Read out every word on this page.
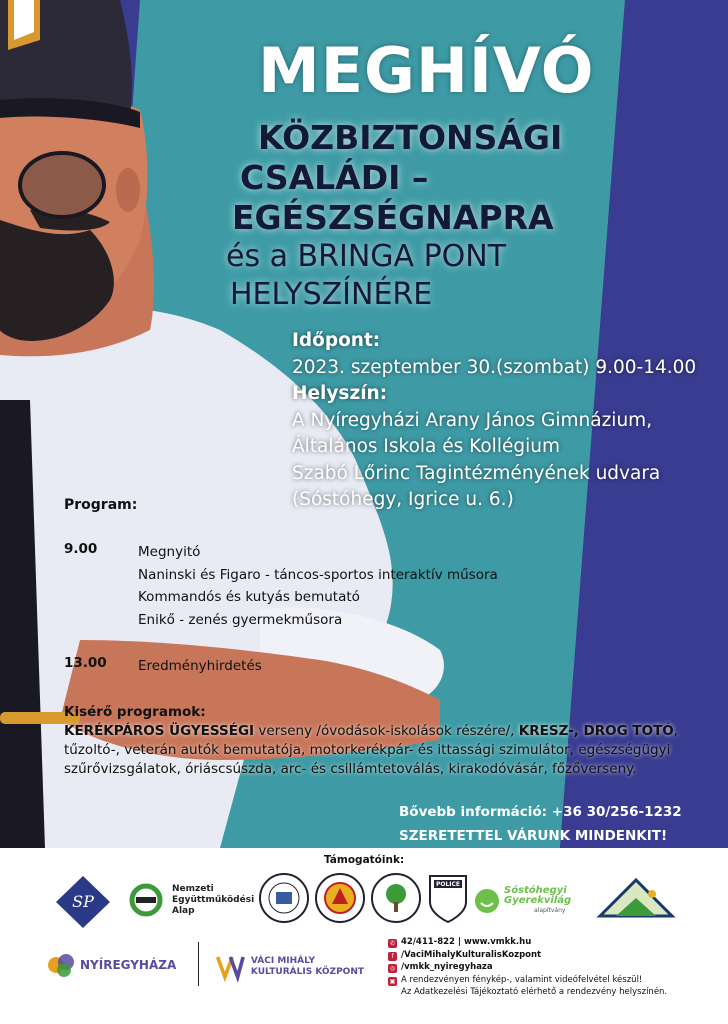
MEGHÍVÓ
KÖZBIZTONSÁGI
CSALÁDI –
EGÉSZSÉGNAPRA
és a BRINGA PONT
HELYSZÍNÉRE
Időpont:
2023. szeptember 30.(szombat) 9.00-14.00
Helyszín:
A Nyíregyházi Arany János Gimnázium,
Általános Iskola és Kollégium
Szabó Lőrinc Tagintézményének udvara
(Sóstóhegy, Igrice u. 6.)
Program:
9.00	Megnyitó
Naninski és Figaro - táncos-sportos interaktív műsora
Kommandós és kutyás bemutató
Enikő - zenés gyermekműsora
13.00 Eredményhirdetés
Kisérő programok:
KERÉKPÁROS ÜGYESSÉGI verseny /óvodások-iskolások részére/, KRESZ-, DROG TOTÓ, tűzoltó-, veterán autók bemutatója, motorkerékpár- és ittassági szimulátor, egészségügyi szűrővizsgálatok, óriáscsúszda, arc- és csillámtetoválás, kirakodóvásár, főzőverseny.
Bővebb információ: +36 30/256-1232
SZERETETTEL VÁRUNK MINDENKIT!
Támogatóink:
SP
Nemzeti
Együttműködési
Alap
POLICE
Sóstóhegyi
Gyerekvilág
alapítvány
NYÍREGYHÁZA	VÁCI MIHÁLY
KULTURÁLIS KÖZPONT
✆ 42/411-822 | www.vmkk.hu
f /VaciMihalyKulturalisKozpont
◎ /vmkk_nyiregyhaza
▣ A rendezvényen fénykép-, valamint videófelvétel készül!
Az Adatkezelési Tájékoztató elérhető a rendezvény helyszínén.
